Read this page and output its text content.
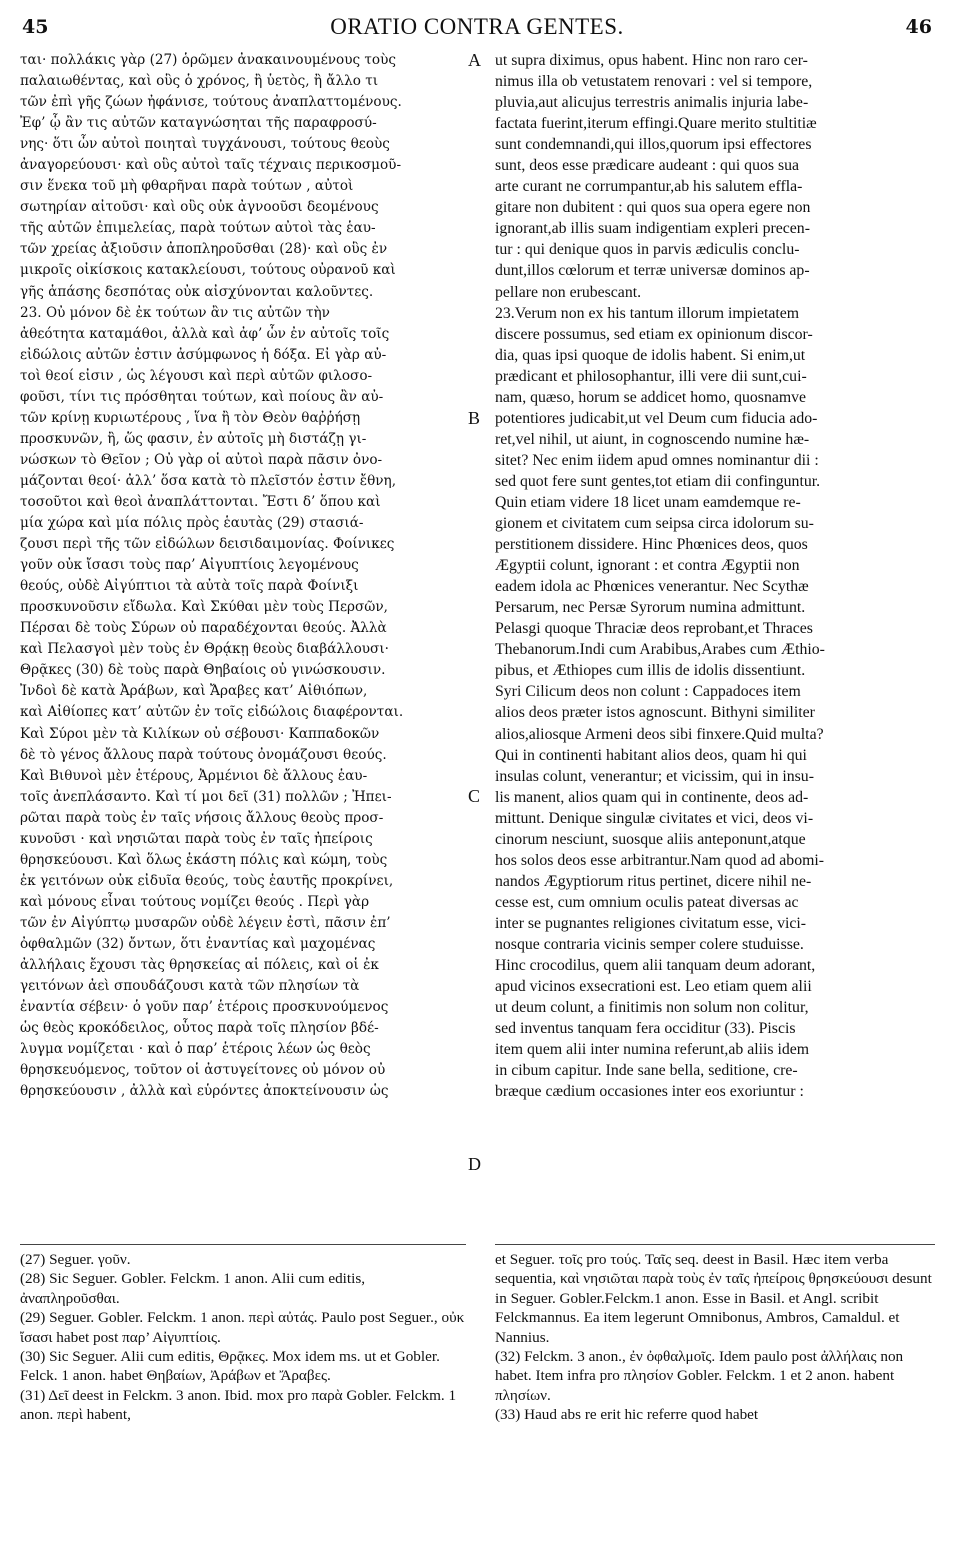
ORATIO CONTRA GENTES.
45	46
ται· πολλάκις γὰρ (27) ὁρῶμεν ἀνακαινουμένους τοὺς
παλαιωθέντας, καὶ οὓς ὁ χρόνος, ἢ ὑετὸς, ἢ ἄλλο τι
τῶν ἐπὶ γῆς ζώων ἠφάνισε, τούτους ἀναπλαττομένους.
Ἐφ’ ᾧ ἂν τις αὐτῶν καταγνώσηται τῆς παραφροσύ-
νης· ὅτι ὧν αὐτοὶ ποιηταὶ τυγχάνουσι, τούτους θεοὺς
ἀναγορεύουσι· καὶ οὓς αὐτοὶ ταῖς τέχναις περικοσμοῦ-
σιν ἕνεκα τοῦ μὴ φθαρῆναι παρὰ τούτων , αὐτοὶ
σωτηρίαν αἰτοῦσι· καὶ οὓς οὐκ ἀγνοοῦσι δεομένους
τῆς αὐτῶν ἐπιμελείας, παρὰ τούτων αὐτοὶ τὰς ἑαυ-
τῶν χρείας ἀξιοῦσιν ἀποπληροῦσθαι (28)· καὶ οὓς ἐν
μικροῖς οἰκίσκοις κατακλείουσι, τούτους οὐρανοῦ καὶ
γῆς ἁπάσης δεσπότας οὐκ αἰσχύνονται καλοῦντες.
23. Οὐ μόνον δὲ ἐκ τούτων ἂν τις αὐτῶν τὴν
ἀθεότητα καταμάθοι, ἀλλὰ καὶ ἀφ’ ὧν ἐν αὐτοῖς τοῖς
εἰδώλοις αὐτῶν ἐστιν ἀσύμφωνος ἡ δόξα. Εἰ γὰρ αὐ-
τοὶ θεοί εἰσιν , ὡς λέγουσι καὶ περὶ αὐτῶν φιλοσο-
φοῦσι, τίνι τις πρόσθηται τούτων, καὶ ποίους ἂν αὐ-
τῶν κρίνῃ κυριωτέρους , ἵνα ἢ τὸν Θεὸν θαῤῥήσῃ
προσκυνῶν, ἢ, ὥς φασιν, ἐν αὐτοῖς μὴ διστάζῃ γι-
νώσκων τὸ Θεῖον ; Οὐ γὰρ οἱ αὐτοὶ παρὰ πᾶσιν ὀνο-
μάζονται θεοί· ἀλλ’ ὅσα κατὰ τὸ πλεῖστόν ἐστιν ἔθνη,
τοσοῦτοι καὶ θεοὶ ἀναπλάττονται. Ἔστι δ’ ὅπου καὶ
μία χώρα καὶ μία πόλις πρὸς ἑαυτὰς (29) στασιά-
ζουσι περὶ τῆς τῶν εἰδώλων δεισιδαιμονίας. Φοίνικες
γοῦν οὐκ ἴσασι τοὺς παρ’ Αἰγυπτίοις λεγομένους
θεούς, οὐδὲ Αἰγύπτιοι τὰ αὐτὰ τοῖς παρὰ Φοίνιξι
προσκυνοῦσιν εἴδωλα. Καὶ Σκύθαι μὲν τοὺς Περσῶν,
Πέρσαι δὲ τοὺς Σύρων οὐ παραδέχονται θεούς. Ἀλλὰ
καὶ Πελασγοὶ μὲν τοὺς ἐν Θρᾴκῃ θεοὺς διαβάλλουσι·
Θρᾷκες (30) δὲ τοὺς παρὰ Θηβαίοις οὐ γινώσκουσιν.
Ἰνδοὶ δὲ κατὰ Ἀράβων, καὶ Ἄραβες κατ’ Αἰθιόπων,
καὶ Αἰθίοπες κατ’ αὐτῶν ἐν τοῖς εἰδώλοις διαφέρονται.
Καὶ Σύροι μὲν τὰ Κιλίκων οὐ σέβουσι· Καππαδοκῶν
δὲ τὸ γένος ἄλλους παρὰ τούτους ὀνομάζουσι θεούς.
Καὶ Βιθυνοὶ μὲν ἑτέρους, Ἀρμένιοι δὲ ἄλλους ἑαυ-
τοῖς ἀνεπλάσαντο. Καὶ τί μοι δεῖ (31) πολλῶν ; Ἠπει-
ρῶται παρὰ τοὺς ἐν ταῖς νήσοις ἄλλους θεοὺς προσ-
κυνοῦσι · καὶ νησιῶται παρὰ τοὺς ἐν ταῖς ἠπείροις
θρησκεύουσι. Καὶ ὅλως ἑκάστη πόλις καὶ κώμη, τοὺς
ἐκ γειτόνων οὐκ εἰδυῖα θεούς, τοὺς ἑαυτῆς προκρίνει,
καὶ μόνους εἶναι τούτους νομίζει θεούς . Περὶ γὰρ
τῶν ἐν Αἰγύπτῳ μυσαρῶν οὐδὲ λέγειν ἐστὶ, πᾶσιν ἐπ’
ὀφθαλμῶν (32) ὄντων, ὅτι ἐναντίας καὶ μαχομένας
ἀλλήλαις ἔχουσι τὰς θρησκείας αἱ πόλεις, καὶ οἱ ἐκ
γειτόνων ἀεὶ σπουδάζουσι κατὰ τῶν πλησίων τὰ
ἐναντία σέβειν· ὁ γοῦν παρ’ ἑτέροις προσκυνούμενος
ὡς θεὸς κροκόδειλος, οὗτος παρὰ τοῖς πλησίον βδέ-
λυγμα νομίζεται · καὶ ὁ παρ’ ἑτέροις λέων ὡς θεὸς
θρησκευόμενος, τοῦτον οἱ ἀστυγείτονες οὐ μόνον οὐ
θρησκεύουσιν , ἀλλὰ καὶ εὑρόντες ἀποκτείνουσιν ὡς
ut supra diximus, opus habent. Hinc non raro cer-
nimus illa ob vetustatem renovari : vel si tempore,
pluvia,aut alicujus terrestris animalis injuria labe-
factata fuerint,iterum effingi.Quare merito stultitiæ
sunt condemnandi,qui illos,quorum ipsi effectores
sunt, deos esse prædicare audeant : qui quos sua
arte curant ne corrumpantur,ab his salutem effla-
gitare non dubitent : qui quos sua opera egere non
ignorant,ab illis suam indigentiam expleri precen-
tur : qui denique quos in parvis ædiculis conclu-
dunt,illos cœlorum et terræ universæ dominos ap-
pellare non erubescant.
23.Verum non ex his tantum illorum impietatem
discere possumus, sed etiam ex opinionum discor-
dia, quas ipsi quoque de idolis habent. Si enim,ut
prædicant et philosophantur, illi vere dii sunt,cui-
nam, quæso, horum se addicet homo, quosnamve
potentiores judicabit,ut vel Deum cum fiducia ado-
ret,vel nihil, ut aiunt, in cognoscendo numine hæ-
sitet? Nec enim iidem apud omnes nominantur dii :
sed quot fere sunt gentes,tot etiam dii confinguntur.
Quin etiam videre 18 licet unam eamdemque re-
gionem et civitatem cum seipsa circa idolorum su-
perstitionem dissidere. Hinc Phœnices deos, quos
Ægyptii colunt, ignorant : et contra Ægyptii non
eadem idola ac Phœnices venerantur. Nec Scythæ
Persarum, nec Persæ Syrorum numina admittunt.
Pelasgi quoque Thraciæ deos reprobant,et Thraces
Thebanorum.Indi cum Arabibus,Arabes cum Æthio-
pibus, et Æthiopes cum illis de idolis dissentiunt.
Syri Cilicum deos non colunt : Cappadoces item
alios deos præter istos agnoscunt. Bithyni similiter
alios,aliosque Armeni deos sibi finxere.Quid multa?
Qui in continenti habitant alios deos, quam hi qui
insulas colunt, venerantur; et vicissim, qui in insu-
lis manent, alios quam qui in continente, deos ad-
mittunt. Denique singulæ civitates et vici, deos vi-
cinorum nesciunt, suosque aliis anteponunt,atque
hos solos deos esse arbitrantur.Nam quod ad abomi-
nandos Ægyptiorum ritus pertinet, dicere nihil ne-
cesse est, cum omnium oculis pateat diversas ac
inter se pugnantes religiones civitatum esse, vici-
nosque contraria vicinis semper colere studuisse.
Hinc crocodilus, quem alii tanquam deum adorant,
apud vicinos exsecrationi est. Leo etiam quem alii
ut deum colunt, a finitimis non solum non colitur,
sed inventus tanquam fera occiditur (33). Piscis
item quem alii inter numina referunt,ab aliis idem
in cibum capitur. Inde sane bella, seditione, cre-
bræque cædium occasiones inter eos exoriuntur :
A
B
C
D
(27) Seguer. γοῦν.
(28) Sic Seguer. Gobler. Felckm. 1 anon. Alii cum editis, ἀναπληροῦσθαι.
(29) Seguer. Gobler. Felckm. 1 anon. περὶ αὐτάς. Paulo post Seguer., οὐκ ἴσασι habet post παρ’ Αἰγυπτίοις.
(30) Sic Seguer. Alii cum editis, Θρᾷκες. Mox idem ms. ut et Gobler. Felck. 1 anon. habet Θηβαίων, Ἀράβων et Ἄραβες.
(31) Δεῖ deest in Felckm. 3 anon. Ibid. mox pro παρὰ Gobler. Felckm. 1 anon. περὶ habent,
et Seguer. τοῖς pro τούς. Ταῖς seq. deest in Basil. Hæc item verba sequentia, καὶ νησιῶται παρὰ τοὺς ἐν ταῖς ἠπείροις θρησκεύουσι desunt in Seguer. Gobler.Felckm.1 anon. Esse in Basil. et Angl. scribit Felckmannus. Ea item legerunt Omnibonus, Ambros, Camaldul. et Nannius.
(32) Felckm. 3 anon., ἐν ὀφθαλμοῖς. Idem paulo post ἀλλήλαις non habet. Item infra pro πλησίον Gobler. Felckm. 1 et 2 anon. habent πλησίων.
(33) Haud abs re erit hic referre quod habet
